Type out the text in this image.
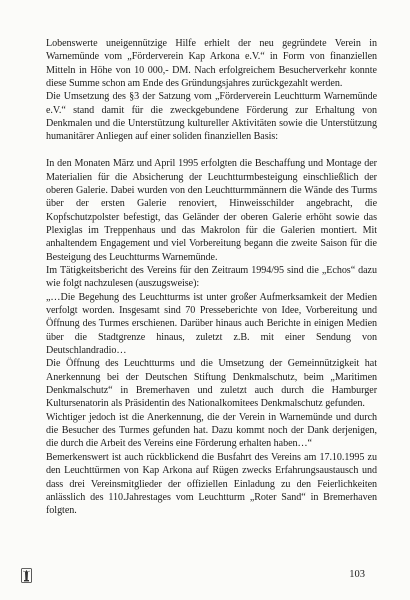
Lobenswerte uneigennützige Hilfe erhielt der neu gegründete Verein in Warnemünde vom „Förderverein Kap Arkona e.V.“ in Form von finanziellen Mitteln in Höhe von 10 000,- DM. Nach erfolgreichem Besucherverkehr konnte diese Summe schon am Ende des Gründungsjahres zurückgezahlt werden.

Die Umsetzung des §3 der Satzung vom „Förderverein Leuchtturm Warnemünde e.V.“ stand damit für die zweckgebundene Förderung zur Erhaltung von Denkmalen und die Unterstützung kultureller Aktivitäten sowie die Unterstützung humanitärer Anliegen auf einer soliden finanziellen Basis:

In den Monaten März und April 1995 erfolgten die Beschaffung und Montage der Materialien für die Absicherung der Leuchtturmbesteigung einschließlich der oberen Galerie. Dabei wurden von den Leuchtturmmännern die Wände des Turms über der ersten Galerie renoviert, Hinweisschilder angebracht, die Kopfschutzpolster befestigt, das Geländer der oberen Galerie erhöht sowie das Plexiglas im Treppenhaus und das Makrolon für die Galerien montiert. Mit anhaltendem Engagement und viel Vorbereitung begann die zweite Saison für die Besteigung des Leuchtturms Warnemünde.

Im Tätigkeitsbericht des Vereins für den Zeitraum 1994/95 sind die „Echos“ dazu wie folgt nachzulesen (auszugsweise):

„…Die Begehung des Leuchtturms ist unter großer Aufmerksamkeit der Medien verfolgt worden. Insgesamt sind 70 Presseberichte von Idee, Vorbereitung und Öffnung des Turmes erschienen. Darüber hinaus auch Berichte in einigen Medien über die Stadtgrenze hinaus, zuletzt z.B. mit einer Sendung von Deutschlandradio…

Die Öffnung des Leuchtturms und die Umsetzung der Gemeinnützigkeit hat Anerkennung bei der Deutschen Stiftung Denkmalschutz, beim „Maritimen Denkmalschutz“ in Bremerhaven und zuletzt auch durch die Hamburger Kultursenatorin als Präsidentin des Nationalkomitees Denkmalschutz gefunden.

Wichtiger jedoch ist die Anerkennung, die der Verein in Warnemünde und durch die Besucher des Turmes gefunden hat. Dazu kommt noch der Dank derjenigen, die durch die Arbeit des Vereins eine Förderung erhalten haben…“

Bemerkenswert ist auch rückblickend die Busfahrt des Vereins am 17.10.1995 zu den Leuchttürmen von Kap Arkona auf Rügen zwecks Erfahrungsaustausch und dass drei Vereinsmitglieder der offiziellen Einladung zu den Feierlichkeiten anlässlich des 110.Jahrestages vom Leuchtturm „Roter Sand“ in Bremerhaven folgten.

103
